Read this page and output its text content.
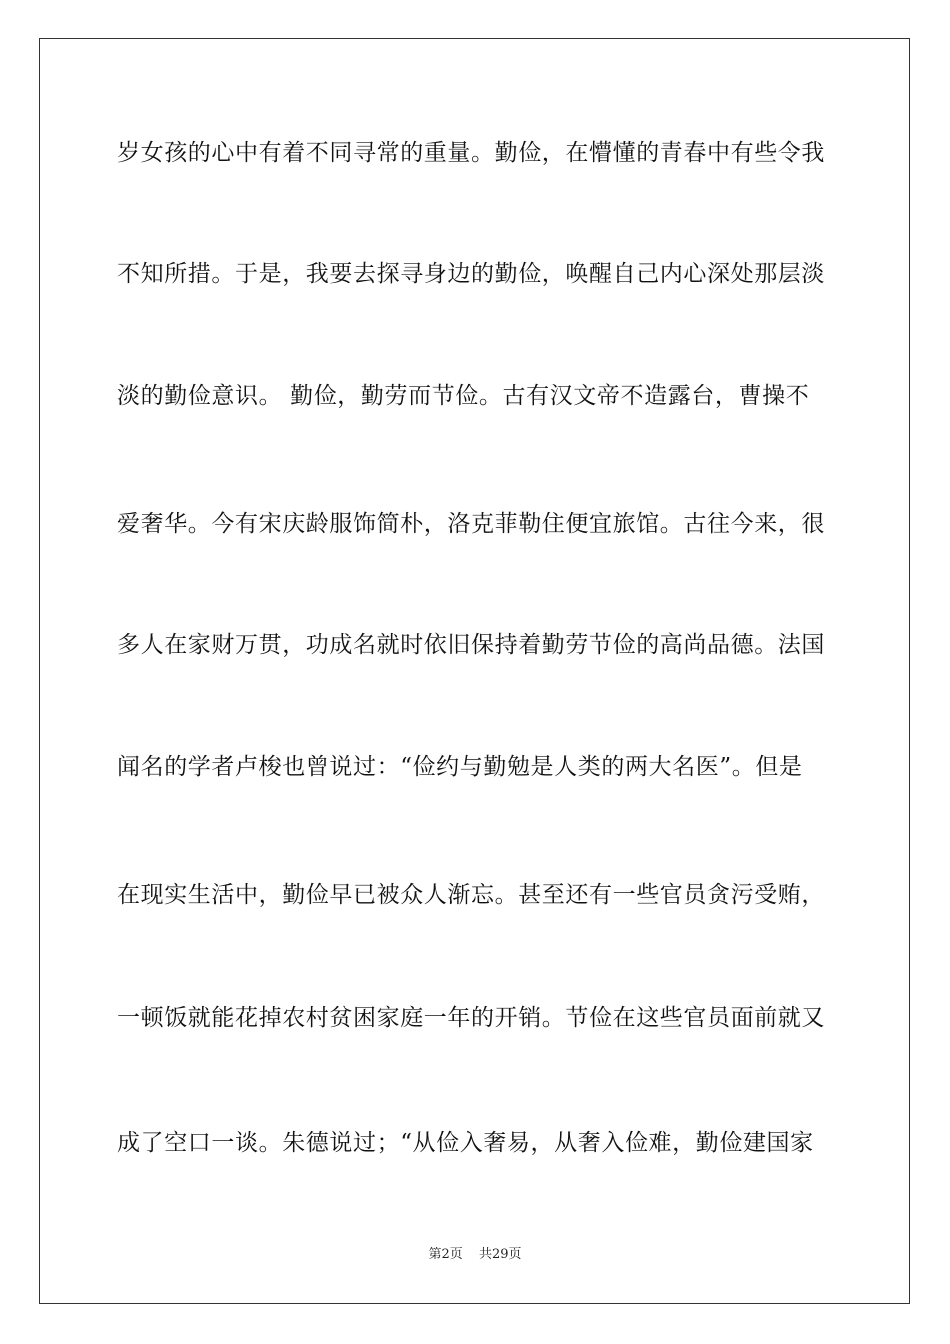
岁女孩的心中有着不同寻常的重量。勤俭，在懵懂的青春中有些令我
不知所措。于是，我要去探寻身边的勤俭，唤醒自己内心深处那层淡
淡的勤俭意识。 勤俭，勤劳而节俭。古有汉文帝不造露台，曹操不
爱奢华。今有宋庆龄服饰简朴，洛克菲勒住便宜旅馆。古往今来，很
多人在家财万贯，功成名就时依旧保持着勤劳节俭的高尚品德。法国
闻名的学者卢梭也曾说过：“俭约与勤勉是人类的两大名医”。但是
在现实生活中，勤俭早已被众人渐忘。甚至还有一些官员贪污受贿，
一顿饭就能花掉农村贫困家庭一年的开销。节俭在这些官员面前就又
成了空口一谈。朱德说过；“从俭入奢易，从奢入俭难，勤俭建国家
第2页 共29页
